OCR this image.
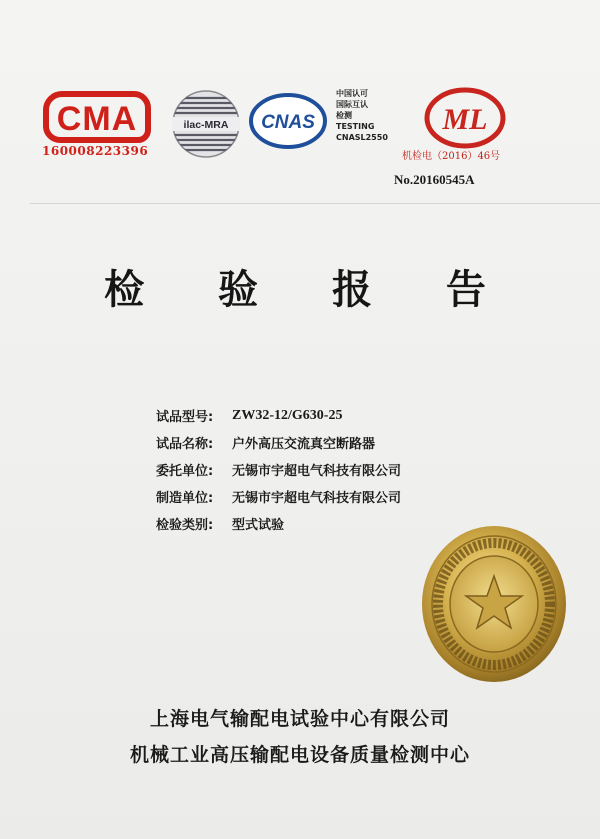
CMA
160008223396
ilac-MRA CNAS
中国认可
国际互认
检测
TESTING
CNASL2550
ML
机检电（2016）46号
No.20160545A
检 验 报 告
试品型号:	ZW32-12/G630-25
试品名称:	户外高压交流真空断路器
委托单位:	无锡市宇超电气科技有限公司
制造单位:	无锡市宇超电气科技有限公司
检验类别:	型式试验
上海电气输配电试验中心有限公司
机械工业高压输配电设备质量检测中心
